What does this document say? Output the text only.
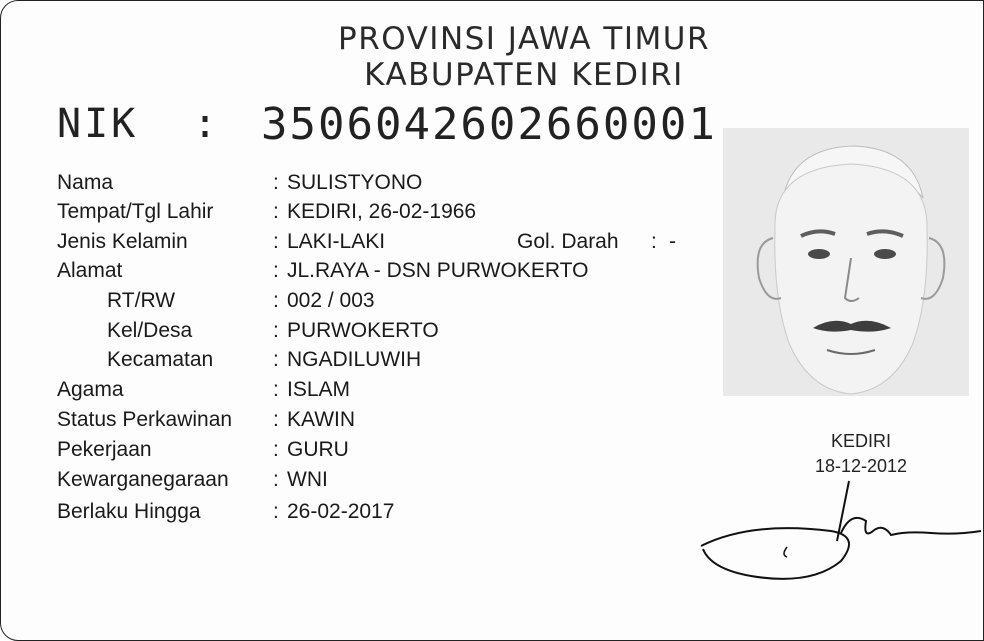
PROVINSI JAWA TIMUR
KABUPATEN KEDIRI
NIK : 3506042602660001
Nama	: SULISTYONO
Tempat/Tgl Lahir	: KEDIRI, 26-02-1966
Jenis Kelamin	: LAKI-LAKI	Gol. Darah : -
Alamat	: JL.RAYA - DSN PURWOKERTO
RT/RW	: 002 / 003
Kel/Desa	: PURWOKERTO
Kecamatan	: NGADILUWIH
Agama	: ISLAM
Status Perkawinan : KAWIN
Pekerjaan	: GURU
Kewarganegaraan : WNI
Berlaku Hingga	: 26-02-2017
KEDIRI
18-12-2012
